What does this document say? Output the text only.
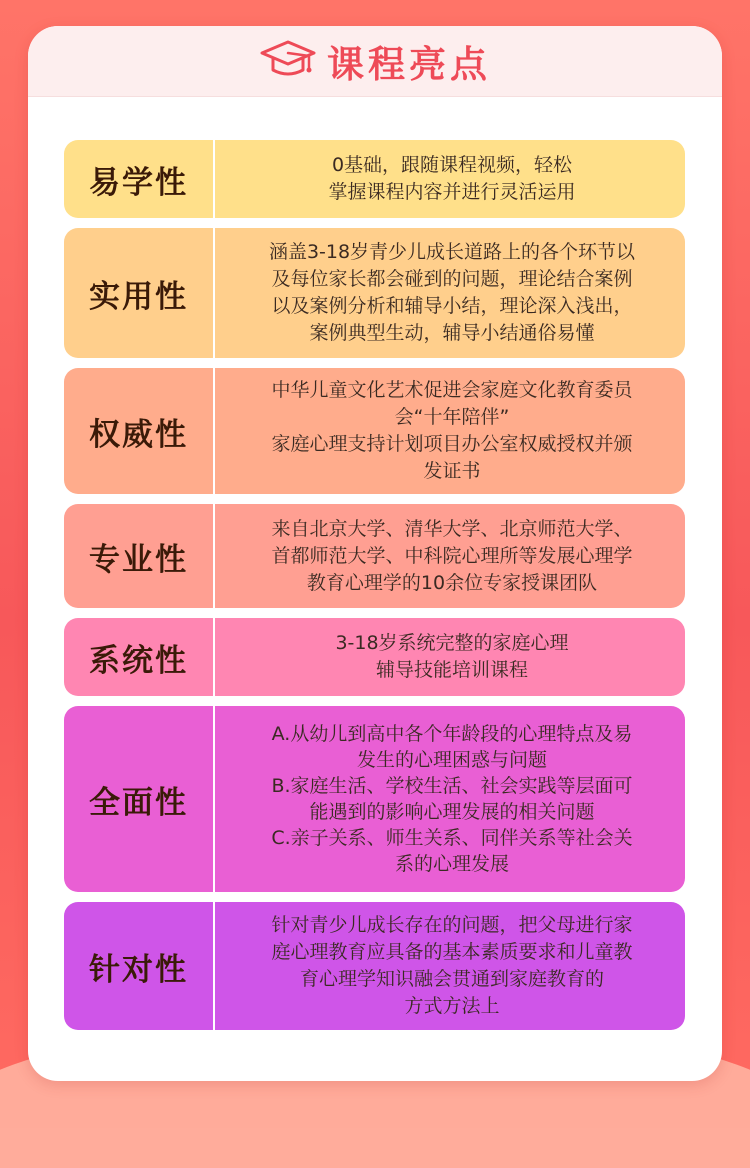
课程亮点
易学性	0基础，跟随课程视频，轻松
掌握课程内容并进行灵活运用
实用性
涵盖3-18岁青少儿成长道路上的各个环节以
及每位家长都会碰到的问题，理论结合案例
以及案例分析和辅导小结，理论深入浅出，
案例典型生动，辅导小结通俗易懂
权威性
中华儿童文化艺术促进会家庭文化教育委员
会“十年陪伴”
家庭心理支持计划项目办公室权威授权并颁
发证书
专业性
来自北京大学、清华大学、北京师范大学、
首都师范大学、中科院心理所等发展心理学
教育心理学的10余位专家授课团队
系统性	3-18岁系统完整的家庭心理
辅导技能培训课程
全面性
A.从幼儿到高中各个年龄段的心理特点及易
发生的心理困惑与问题
B.家庭生活、学校生活、社会实践等层面可
能遇到的影响心理发展的相关问题
C.亲子关系、师生关系、同伴关系等社会关
系的心理发展
针对性
针对青少儿成长存在的问题，把父母进行家
庭心理教育应具备的基本素质要求和儿童教
育心理学知识融会贯通到家庭教育的
方式方法上
